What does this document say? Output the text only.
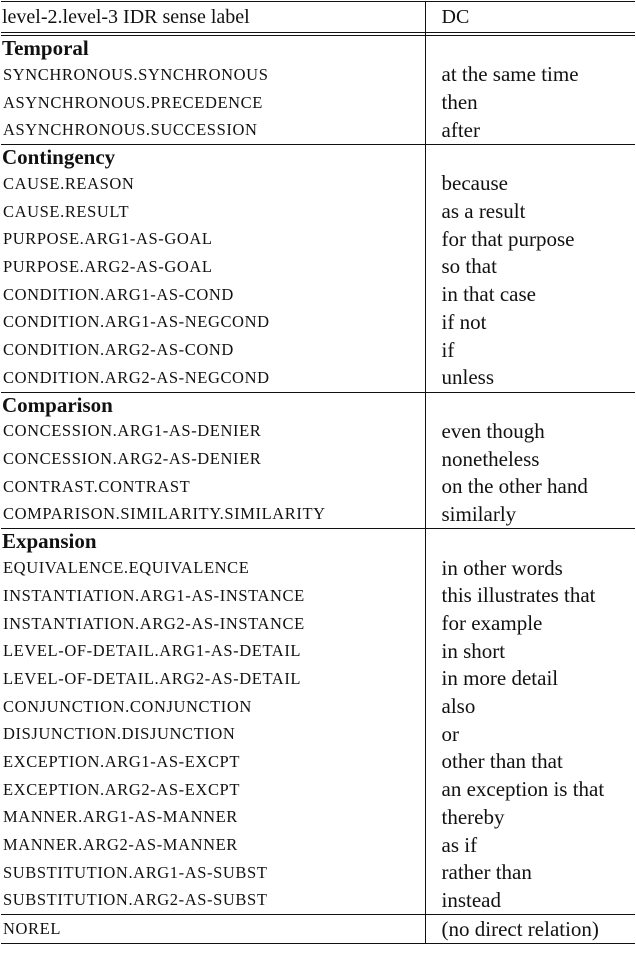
level-2.level-3 IDR sense label	DC

Temporal	
SYNCHRONOUS.SYNCHRONOUS	at the same time
ASYNCHRONOUS.PRECEDENCE	then
ASYNCHRONOUS.SUCCESSION	after
Contingency	
CAUSE.REASON	because
CAUSE.RESULT	as a result
PURPOSE.ARG1-AS-GOAL	for that purpose
PURPOSE.ARG2-AS-GOAL	so that
CONDITION.ARG1-AS-COND	in that case
CONDITION.ARG1-AS-NEGCOND	if not
CONDITION.ARG2-AS-COND	if
CONDITION.ARG2-AS-NEGCOND	unless
Comparison	
CONCESSION.ARG1-AS-DENIER	even though
CONCESSION.ARG2-AS-DENIER	nonetheless
CONTRAST.CONTRAST	on the other hand
COMPARISON.SIMILARITY.SIMILARITY	similarly
Expansion	
EQUIVALENCE.EQUIVALENCE	in other words
INSTANTIATION.ARG1-AS-INSTANCE	this illustrates that
INSTANTIATION.ARG2-AS-INSTANCE	for example
LEVEL-OF-DETAIL.ARG1-AS-DETAIL	in short
LEVEL-OF-DETAIL.ARG2-AS-DETAIL	in more detail
CONJUNCTION.CONJUNCTION	also
DISJUNCTION.DISJUNCTION	or
EXCEPTION.ARG1-AS-EXCPT	other than that
EXCEPTION.ARG2-AS-EXCPT	an exception is that
MANNER.ARG1-AS-MANNER	thereby
MANNER.ARG2-AS-MANNER	as if
SUBSTITUTION.ARG1-AS-SUBST	rather than
SUBSTITUTION.ARG2-AS-SUBST	instead
NOREL	(no direct relation)
